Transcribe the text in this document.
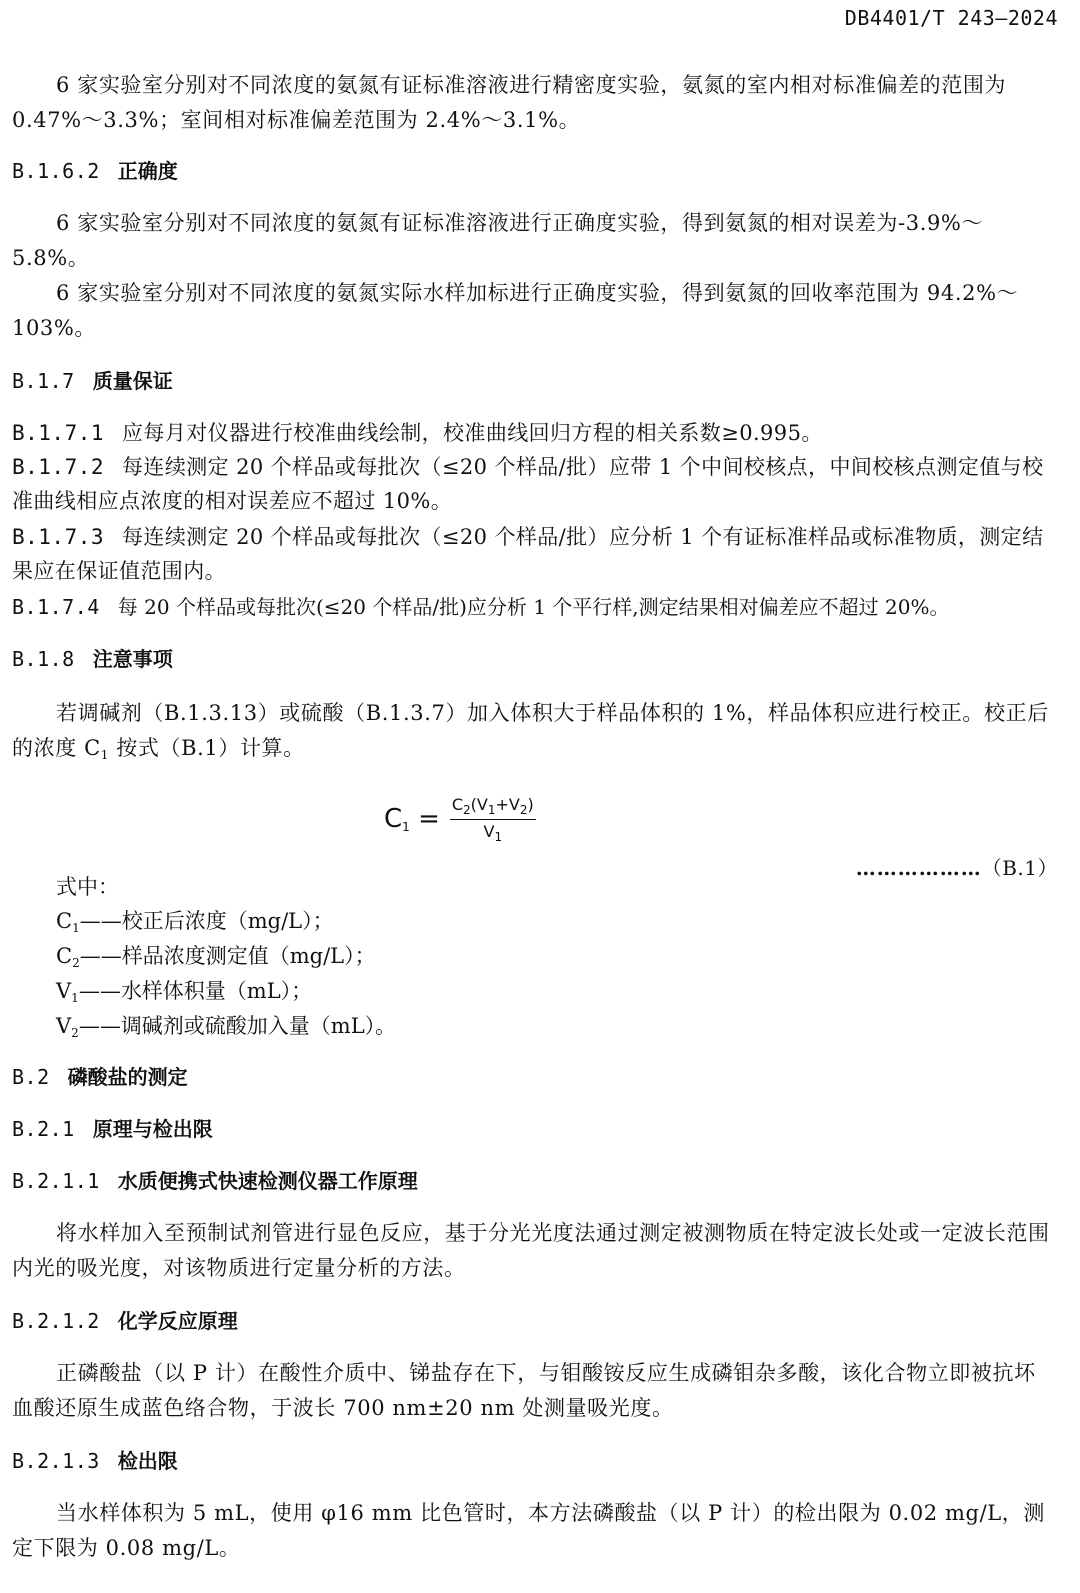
DB4401/T 243—2024
6 家实验室分别对不同浓度的氨氮有证标准溶液进行精密度实验，氨氮的室内相对标准偏差的范围为 0.47%～3.3%；室间相对标准偏差范围为 2.4%～3.1%。
B.1.6.2 正确度
6 家实验室分别对不同浓度的氨氮有证标准溶液进行正确度实验，得到氨氮的相对误差为-3.9%～5.8%。
6 家实验室分别对不同浓度的氨氮实际水样加标进行正确度实验，得到氨氮的回收率范围为 94.2%～103%。
B.1.7 质量保证
B.1.7.1 应每月对仪器进行校准曲线绘制，校准曲线回归方程的相关系数≥0.995。
B.1.7.2 每连续测定 20 个样品或每批次（≤20 个样品/批）应带 1 个中间校核点，中间校核点测定值与校准曲线相应点浓度的相对误差应不超过 10%。
B.1.7.3 每连续测定 20 个样品或每批次（≤20 个样品/批）应分析 1 个有证标准样品或标准物质，测定结果应在保证值范围内。
B.1.7.4 每 20 个样品或每批次(≤20 个样品/批)应分析 1 个平行样,测定结果相对偏差应不超过 20%。
B.1.8 注意事项
若调碱剂（B.1.3.13）或硫酸（B.1.3.7）加入体积大于样品体积的 1%，样品体积应进行校正。校正后的浓度 $C_1$ 按式（B.1）计算。
$C_1 = \frac{C_2(V_1+V_2)}{V_1}$
………………（B.1）
式中：
$C_1——$校正后浓度（mg/L）；
$C_2——$样品浓度测定值（mg/L）；
$V_1——$水样体积量（mL）；
$V_2——$调碱剂或硫酸加入量（mL）。
B.2 磷酸盐的测定
B.2.1 原理与检出限
B.2.1.1 水质便携式快速检测仪器工作原理
将水样加入至预制试剂管进行显色反应，基于分光光度法通过测定被测物质在特定波长处或一定波长范围内光的吸光度，对该物质进行定量分析的方法。
B.2.1.2 化学反应原理
正磷酸盐（以 P 计）在酸性介质中、锑盐存在下，与钼酸铵反应生成磷钼杂多酸，该化合物立即被抗坏血酸还原生成蓝色络合物，于波长 700 nm±20 nm 处测量吸光度。
B.2.1.3 检出限
当水样体积为 5 mL，使用 φ16 mm 比色管时，本方法磷酸盐（以 P 计）的检出限为 0.02 mg/L，测定下限为 0.08 mg/L。
